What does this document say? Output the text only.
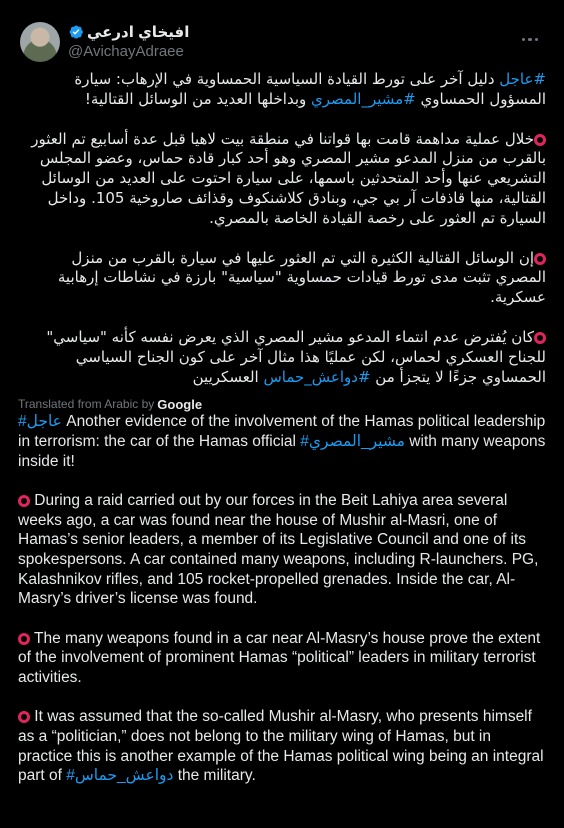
افيخاي ادرعي
@AvichayAdraee

#عاجل دليل آخر على تورط القيادة السياسية الحمساوية في الإرهاب: سيارة المسؤول الحمساوي #مشير_المصري وبداخلها العديد من الوسائل القتالية!

خلال عملية مداهمة قامت بها قواتنا في منطقة بيت لاهيا قبل عدة أسابيع تم العثور بالقرب من منزل المدعو مشير المصري وهو أحد كبار قادة حماس، وعضو المجلس التشريعي عنها وأحد المتحدثين باسمها، على سيارة احتوت على العديد من الوسائل القتالية، منها قاذفات آر بي جي، وبنادق كلاشنكوف وقذائف صاروخية 105. وداخل السيارة تم العثور على رخصة القيادة الخاصة بالمصري.

إن الوسائل القتالية الكثيرة التي تم العثور عليها في سيارة بالقرب من منزل المصري تثبت مدى تورط قيادات حمساوية "سياسية" بارزة في نشاطات إرهابية عسكرية.

كان يُفترض عدم انتماء المدعو مشير المصري الذي يعرض نفسه كأنه "سياسي" للجناح العسكري لحماس، لكن عمليًا هذا مثال آخر على كون الجناح السياسي الحمساوي جزءًا لا يتجزأ من #دواعش_حماس العسكريين

Translated from Arabic by Google

#عاجل Another evidence of the involvement of the Hamas political leadership in terrorism: the car of the Hamas official #مشير_المصري with many weapons inside it!

During a raid carried out by our forces in the Beit Lahiya area several weeks ago, a car was found near the house of Mushir al-Masri, one of Hamas’s senior leaders, a member of its Legislative Council and one of its spokespersons. A car contained many weapons, including R-launchers. PG, Kalashnikov rifles, and 105 rocket-propelled grenades. Inside the car, Al-Masry’s driver’s license was found.

The many weapons found in a car near Al-Masry’s house prove the extent of the involvement of prominent Hamas “political” leaders in military terrorist activities.

It was assumed that the so-called Mushir al-Masry, who presents himself as a “politician,” does not belong to the military wing of Hamas, but in practice this is another example of the Hamas political wing being an integral part of #دواعش_حماس the military.
